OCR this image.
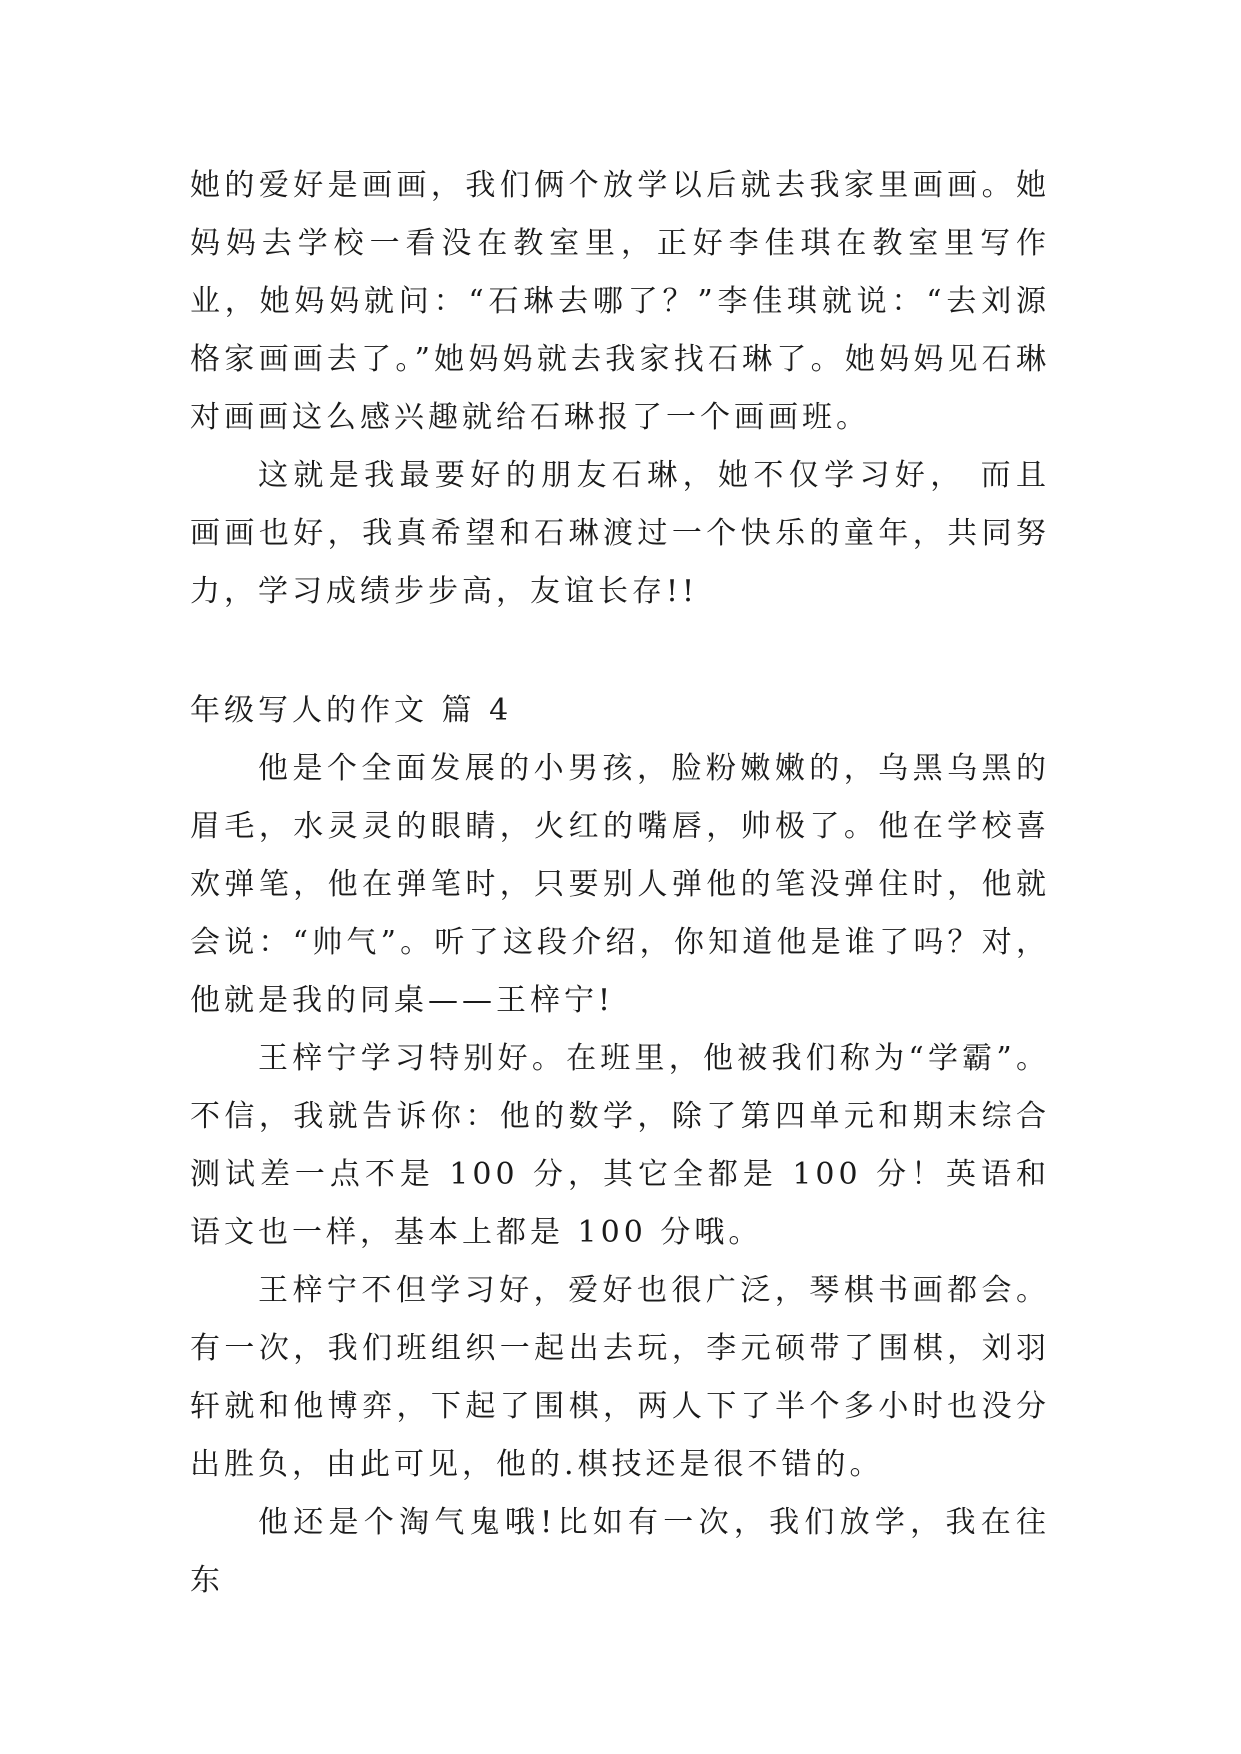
她的爱好是画画，我们俩个放学以后就去我家里画画。她妈妈去学校一看没在教室里，正好李佳琪在教室里写作业，她妈妈就问：“石琳去哪了？”李佳琪就说：“去刘源格家画画去了。”她妈妈就去我家找石琳了。她妈妈见石琳对画画这么感兴趣就给石琳报了一个画画班。

这就是我最要好的朋友石琳，她不仅学习好， 而且画画也好，我真希望和石琳渡过一个快乐的童年，共同努力，学习成绩步步高，友谊长存!!

年级写人的作文 篇 4

他是个全面发展的小男孩，脸粉嫩嫩的，乌黑乌黑的眉毛，水灵灵的眼睛，火红的嘴唇，帅极了。他在学校喜欢弹笔，他在弹笔时，只要别人弹他的笔没弹住时，他就会说：“帅气”。听了这段介绍，你知道他是谁了吗？对，他就是我的同桌——王梓宁!

王梓宁学习特别好。在班里，他被我们称为“学霸”。不信，我就告诉你：他的数学，除了第四单元和期末综合测试差一点不是 100 分，其它全都是 100 分！英语和语文也一样，基本上都是 100 分哦。

王梓宁不但学习好，爱好也很广泛，琴棋书画都会。有一次，我们班组织一起出去玩，李元硕带了围棋，刘羽轩就和他博弈，下起了围棋，两人下了半个多小时也没分出胜负，由此可见，他的.棋技还是很不错的。

他还是个淘气鬼哦!比如有一次，我们放学，我在往东
